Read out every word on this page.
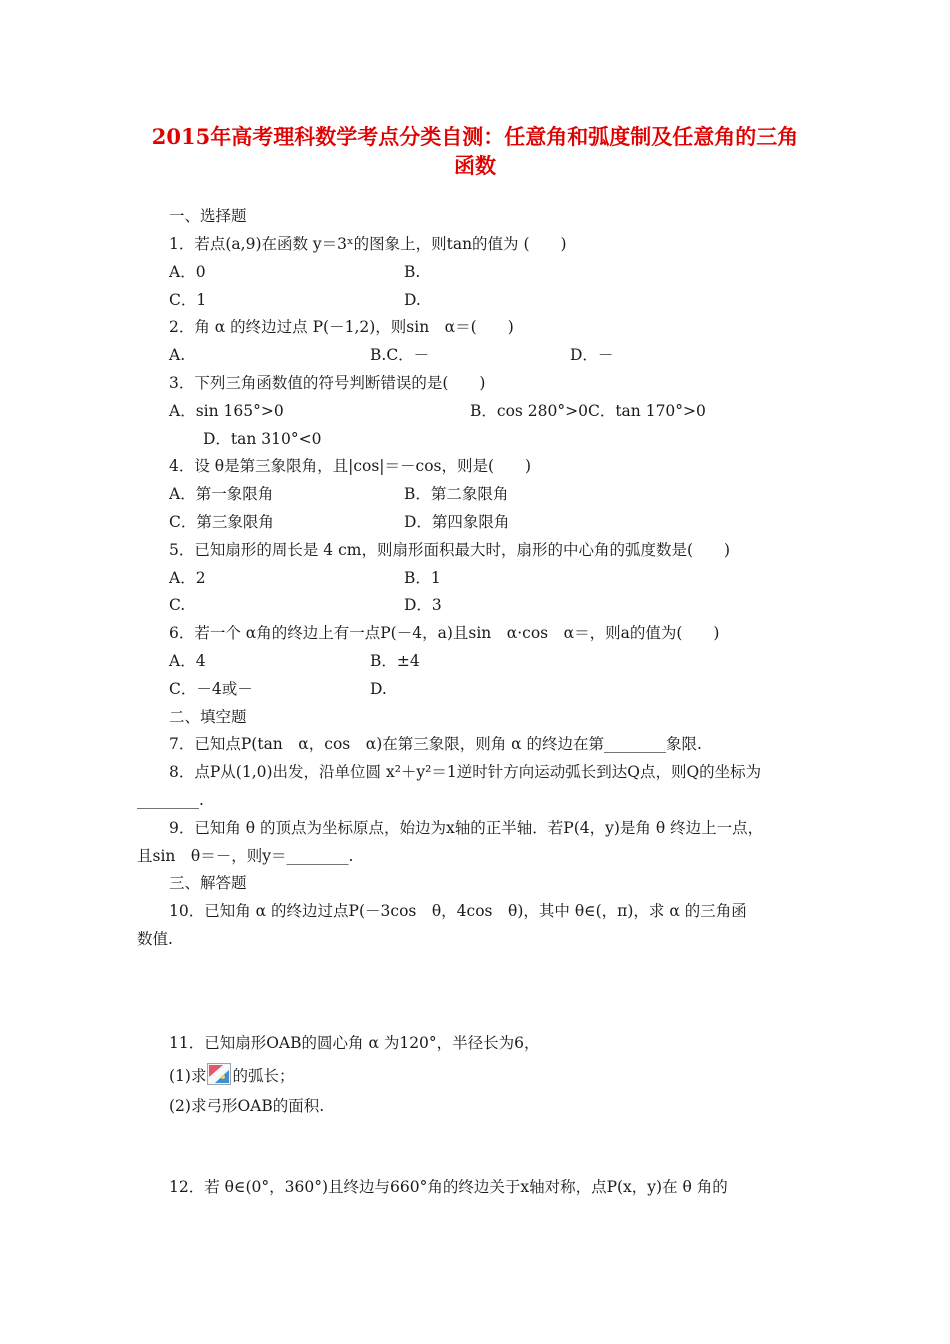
2015年高考理科数学考点分类自测：任意角和弧度制及任意角的三角
函数
一、选择题
1．若点(a,9)在函数 y＝3ˣ的图象上，则tan的值为 (　　)
A．0	B.
C．1	D.
2．角 α 的终边过点 P(－1,2)，则sin　α＝(　　)
A.	B.C．－	D．－
3．下列三角函数值的符号判断错误的是(　　)
A．sin 165°>0	B．cos 280°>0C．tan 170°>0
D．tan 310°<0
4．设 θ是第三象限角，且|cos|＝－cos，则是(　　)
A．第一象限角	B．第二象限角
C．第三象限角	D．第四象限角
5．已知扇形的周长是 4 cm，则扇形面积最大时，扇形的中心角的弧度数是(　　)
A．2	B．1
C.	D．3
6．若一个 α角的终边上有一点P(－4，a)且sin　α·cos　α＝，则a的值为(　　)
A．4	B．±4
C．－4或－	D.
二、填空题
7．已知点P(tan　α，cos　α)在第三象限，则角 α 的终边在第________象限.
8．点P从(1,0)出发，沿单位圆 x²＋y²＝1逆时针方向运动弧长到达Q点，则Q的坐标为
________.
9．已知角 θ 的顶点为坐标原点，始边为x轴的正半轴．若P(4，y)是角 θ 终边上一点，
且sin　θ＝－，则y＝________.
三、解答题
10．已知角 α 的终边过点P(－3cos　θ，4cos　θ)，其中 θ∈(，π)，求 α 的三角函
数值.
11．已知扇形OAB的圆心角 α 为120°，半径长为6，
(1)求 的弧长；
(2)求弓形OAB的面积.
12．若 θ∈(0°，360°)且终边与660°角的终边关于x轴对称，点P(x，y)在 θ 角的
